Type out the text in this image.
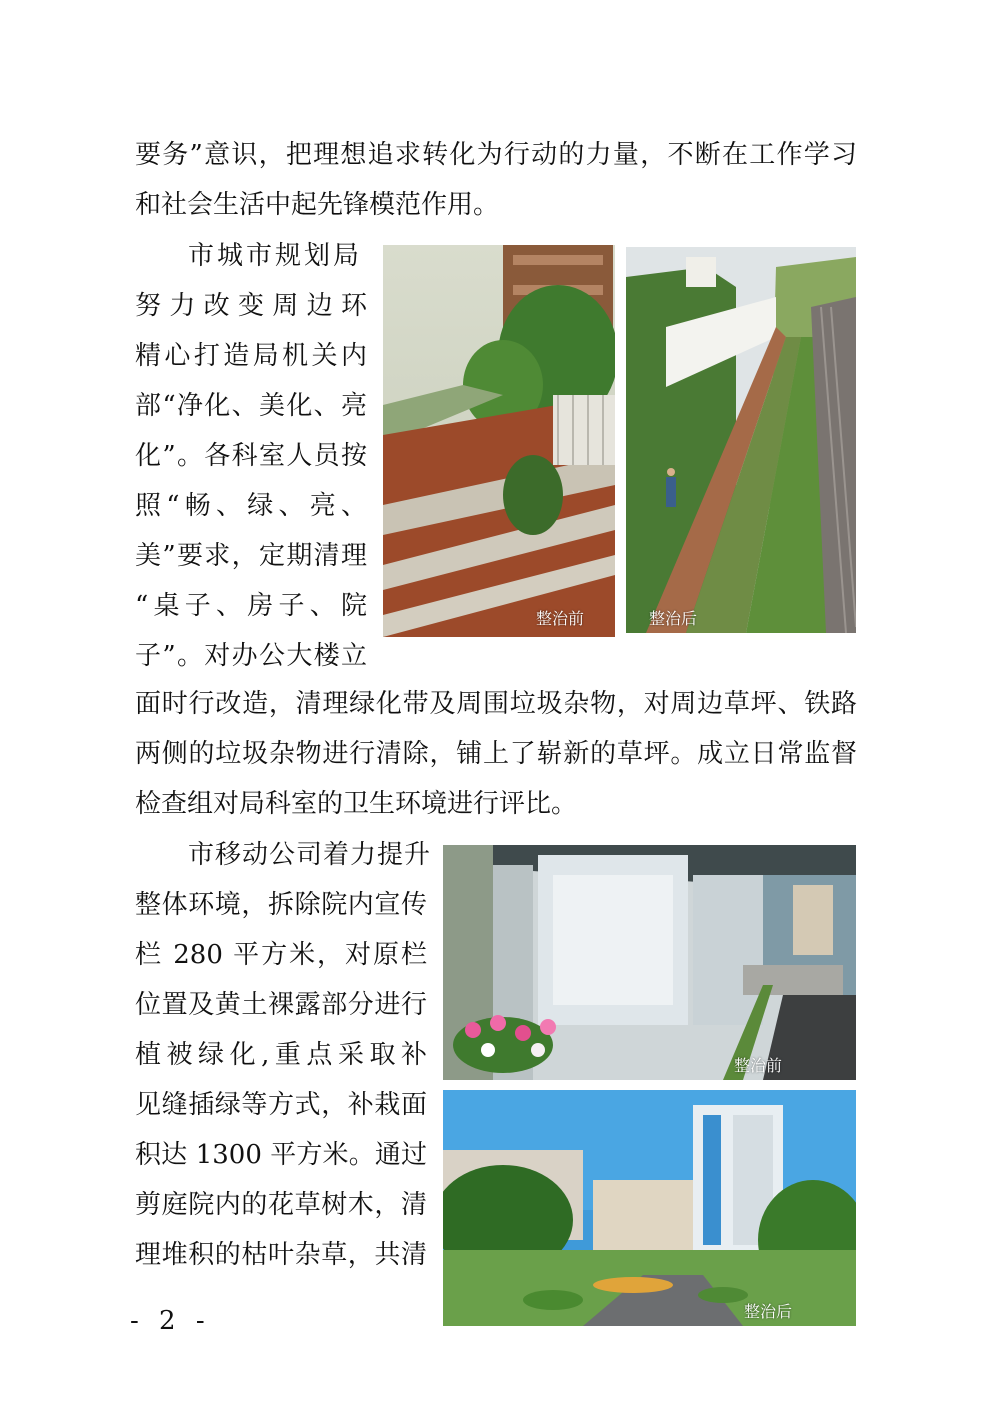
要务”意识，把理想追求转化为行动的力量，不断在工作学习
和社会生活中起先锋模范作用。
市城市规划局
努力改变周边环
精心打造局机关内
部“净化、美化、亮
化”。各科室人员按
照“畅、绿、亮、
美”要求，定期清理
“桌子、房子、院
子”。对办公大楼立
整治前	整治后
面时行改造，清理绿化带及周围垃圾杂物，对周边草坪、铁路
两侧的垃圾杂物进行清除，铺上了崭新的草坪。成立日常监督
检查组对局科室的卫生环境进行评比。
市移动公司着力提升
整体环境，拆除院内宣传
栏 280 平方米，对原栏
位置及黄土裸露部分进行
植被绿化,重点采取补
见缝插绿等方式，补栽面
积达 1300 平方米。通过
剪庭院内的花草树木，清
理堆积的枯叶杂草，共清
整治前
整治后
- 2 -
